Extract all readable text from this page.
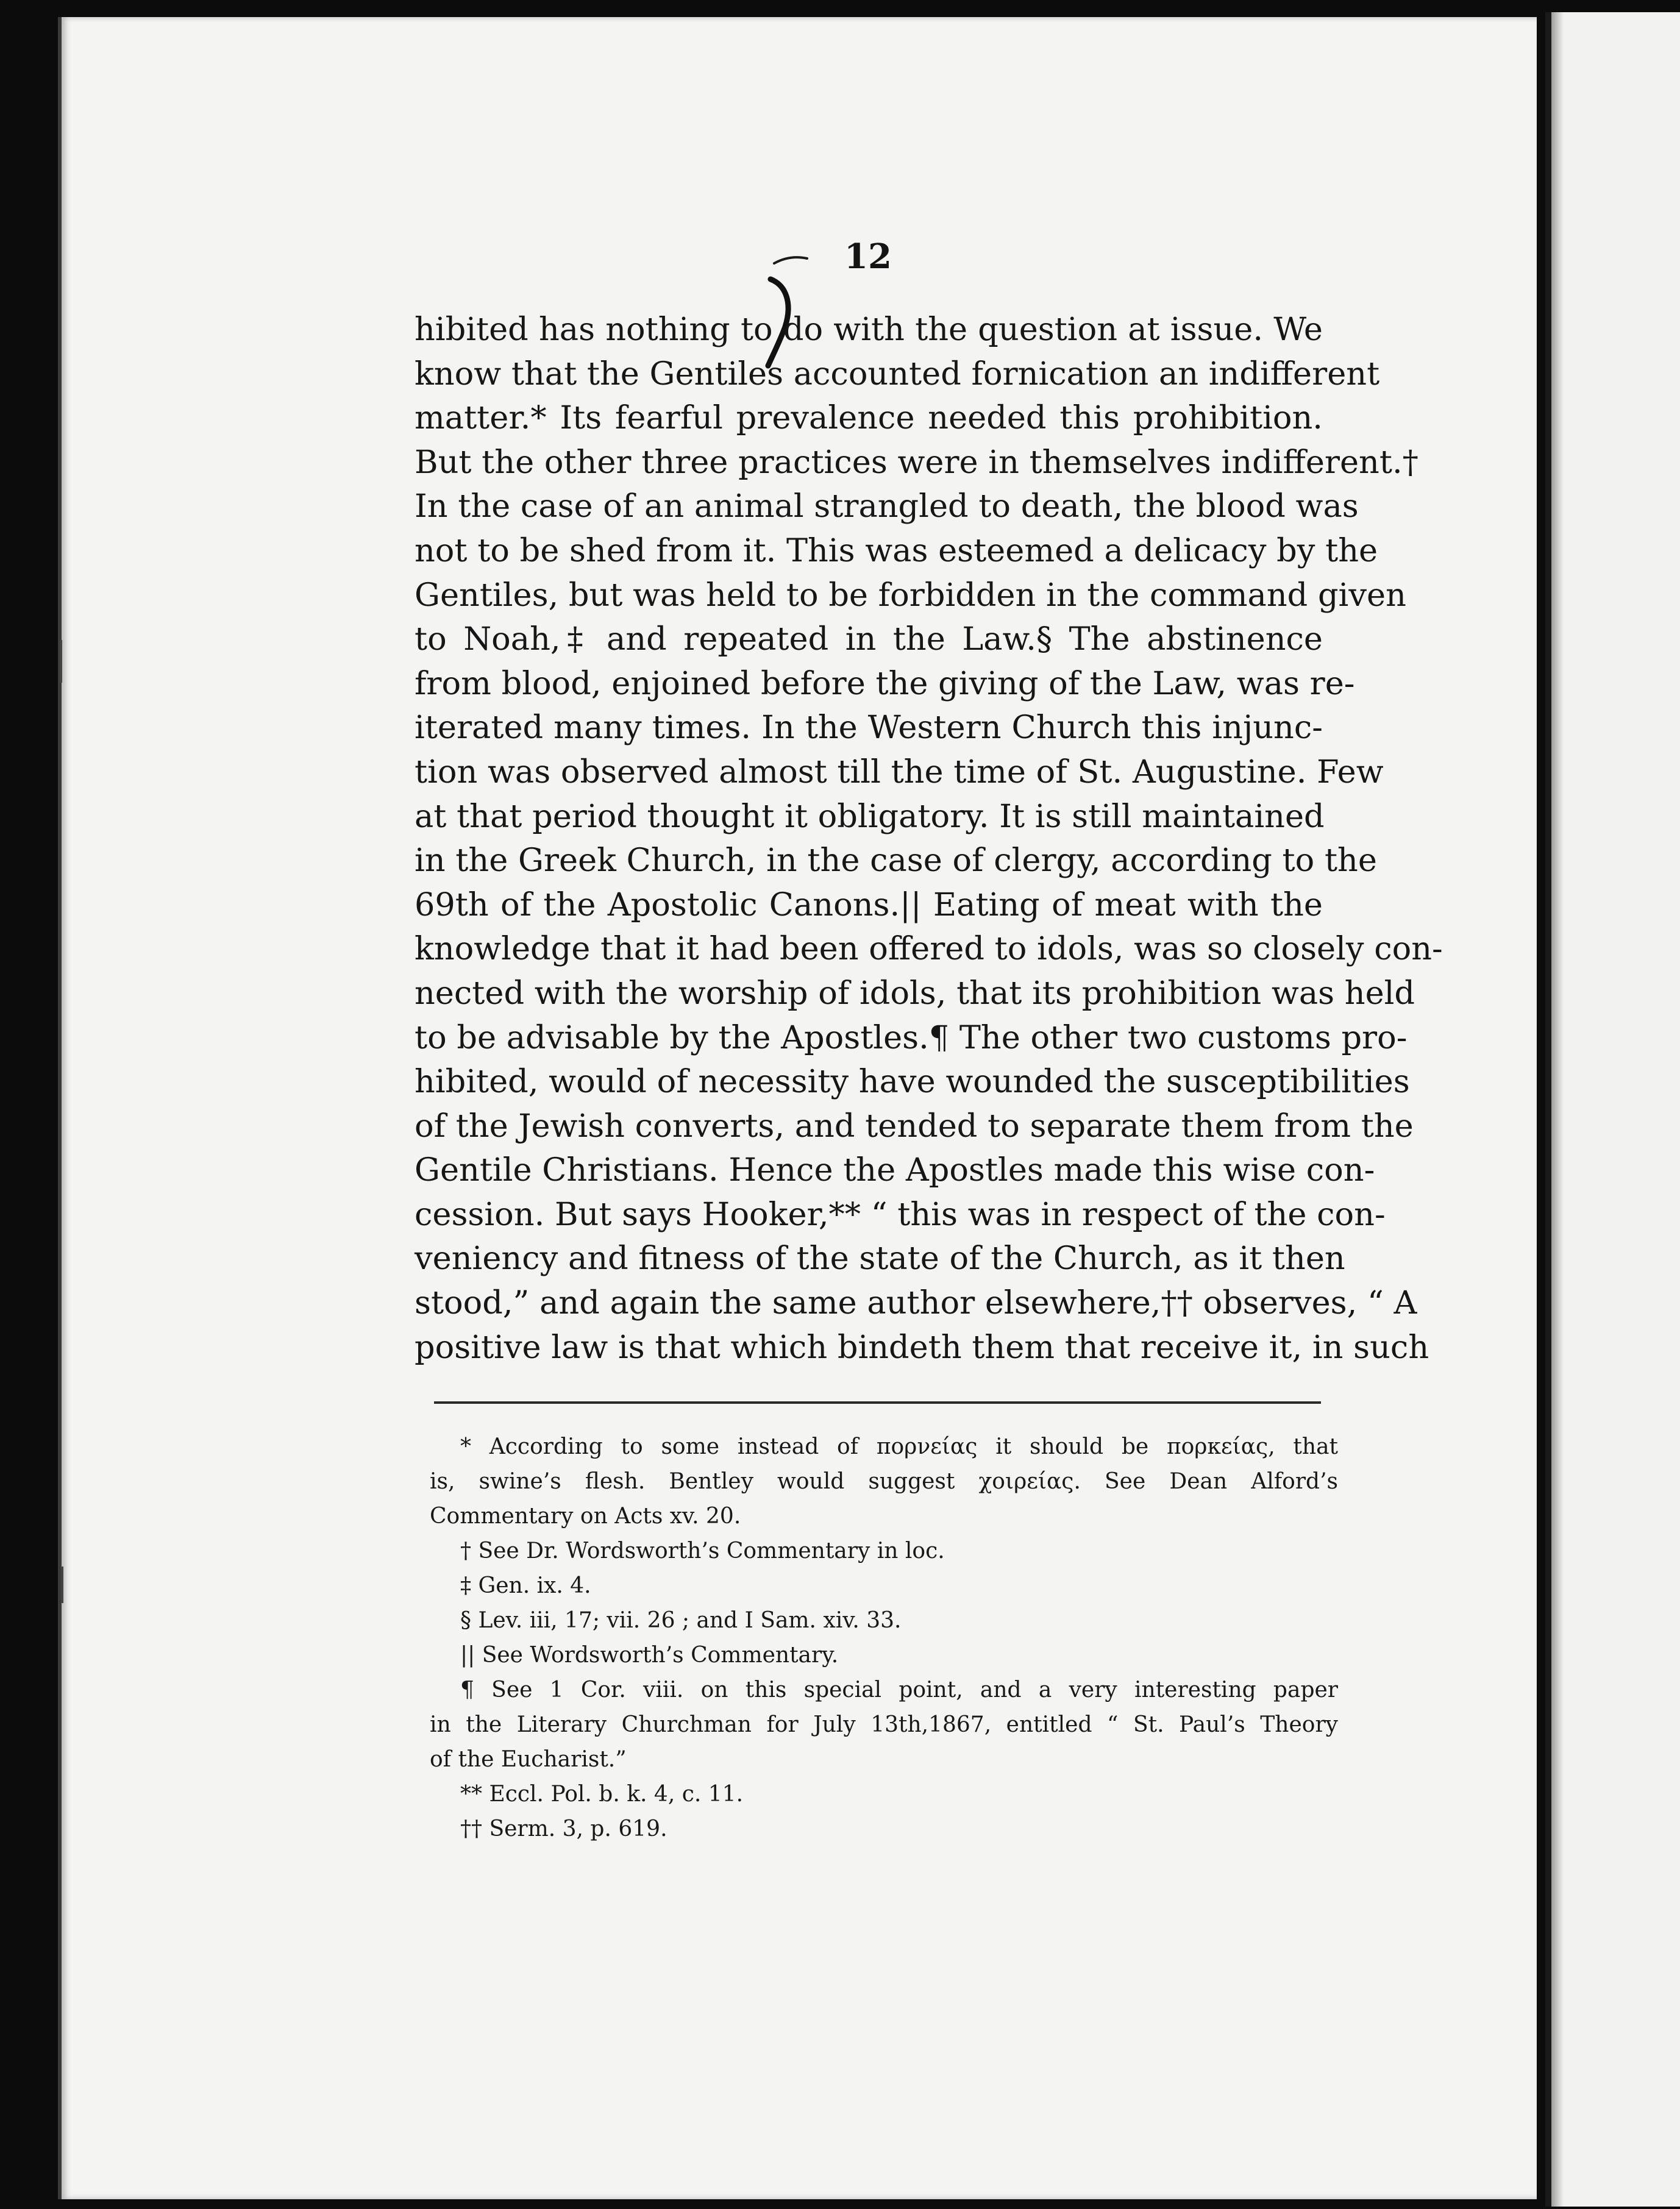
12

hibited has nothing to do with the question at issue. We
know that the Gentiles accounted fornication an indifferent
matter.* Its fearful prevalence needed this prohibition.
But the other three practices were in themselves indifferent.†
In the case of an animal strangled to death, the blood was
not to be shed from it. This was esteemed a delicacy by the
Gentiles, but was held to be forbidden in the command given
to Noah,‡ and repeated in the Law.§ The abstinence
from blood, enjoined before the giving of the Law, was re-
iterated many times. In the Western Church this injunc-
tion was observed almost till the time of St. Augustine. Few
at that period thought it obligatory. It is still maintained
in the Greek Church, in the case of clergy, according to the
69th of the Apostolic Canons.|| Eating of meat with the
knowledge that it had been offered to idols, was so closely con-
nected with the worship of idols, that its prohibition was held
to be advisable by the Apostles.¶ The other two customs pro-
hibited, would of necessity have wounded the susceptibilities
of the Jewish converts, and tended to separate them from the
Gentile Christians. Hence the Apostles made this wise con-
cession. But says Hooker,** “ this was in respect of the con-
veniency and fitness of the state of the Church, as it then
stood,” and again the same author elsewhere,†† observes, “ A
positive law is that which bindeth them that receive it, in such
* According to some instead of πορνείας it should be πορκείας, that
is, swine’s flesh. Bentley would suggest χοιρείας. See Dean Alford’s
Commentary on Acts xv. 20.
† See Dr. Wordsworth’s Commentary in loc.
‡ Gen. ix. 4.
§ Lev. iii, 17; vii. 26 ; and I Sam. xiv. 33.
|| See Wordsworth’s Commentary.
¶ See 1 Cor. viii. on this special point, and a very interesting paper
in the Literary Churchman for July 13th,1867, entitled “ St. Paul’s Theory
of the Eucharist.”
** Eccl. Pol. b. k. 4, c. 11.
†† Serm. 3, p. 619.
